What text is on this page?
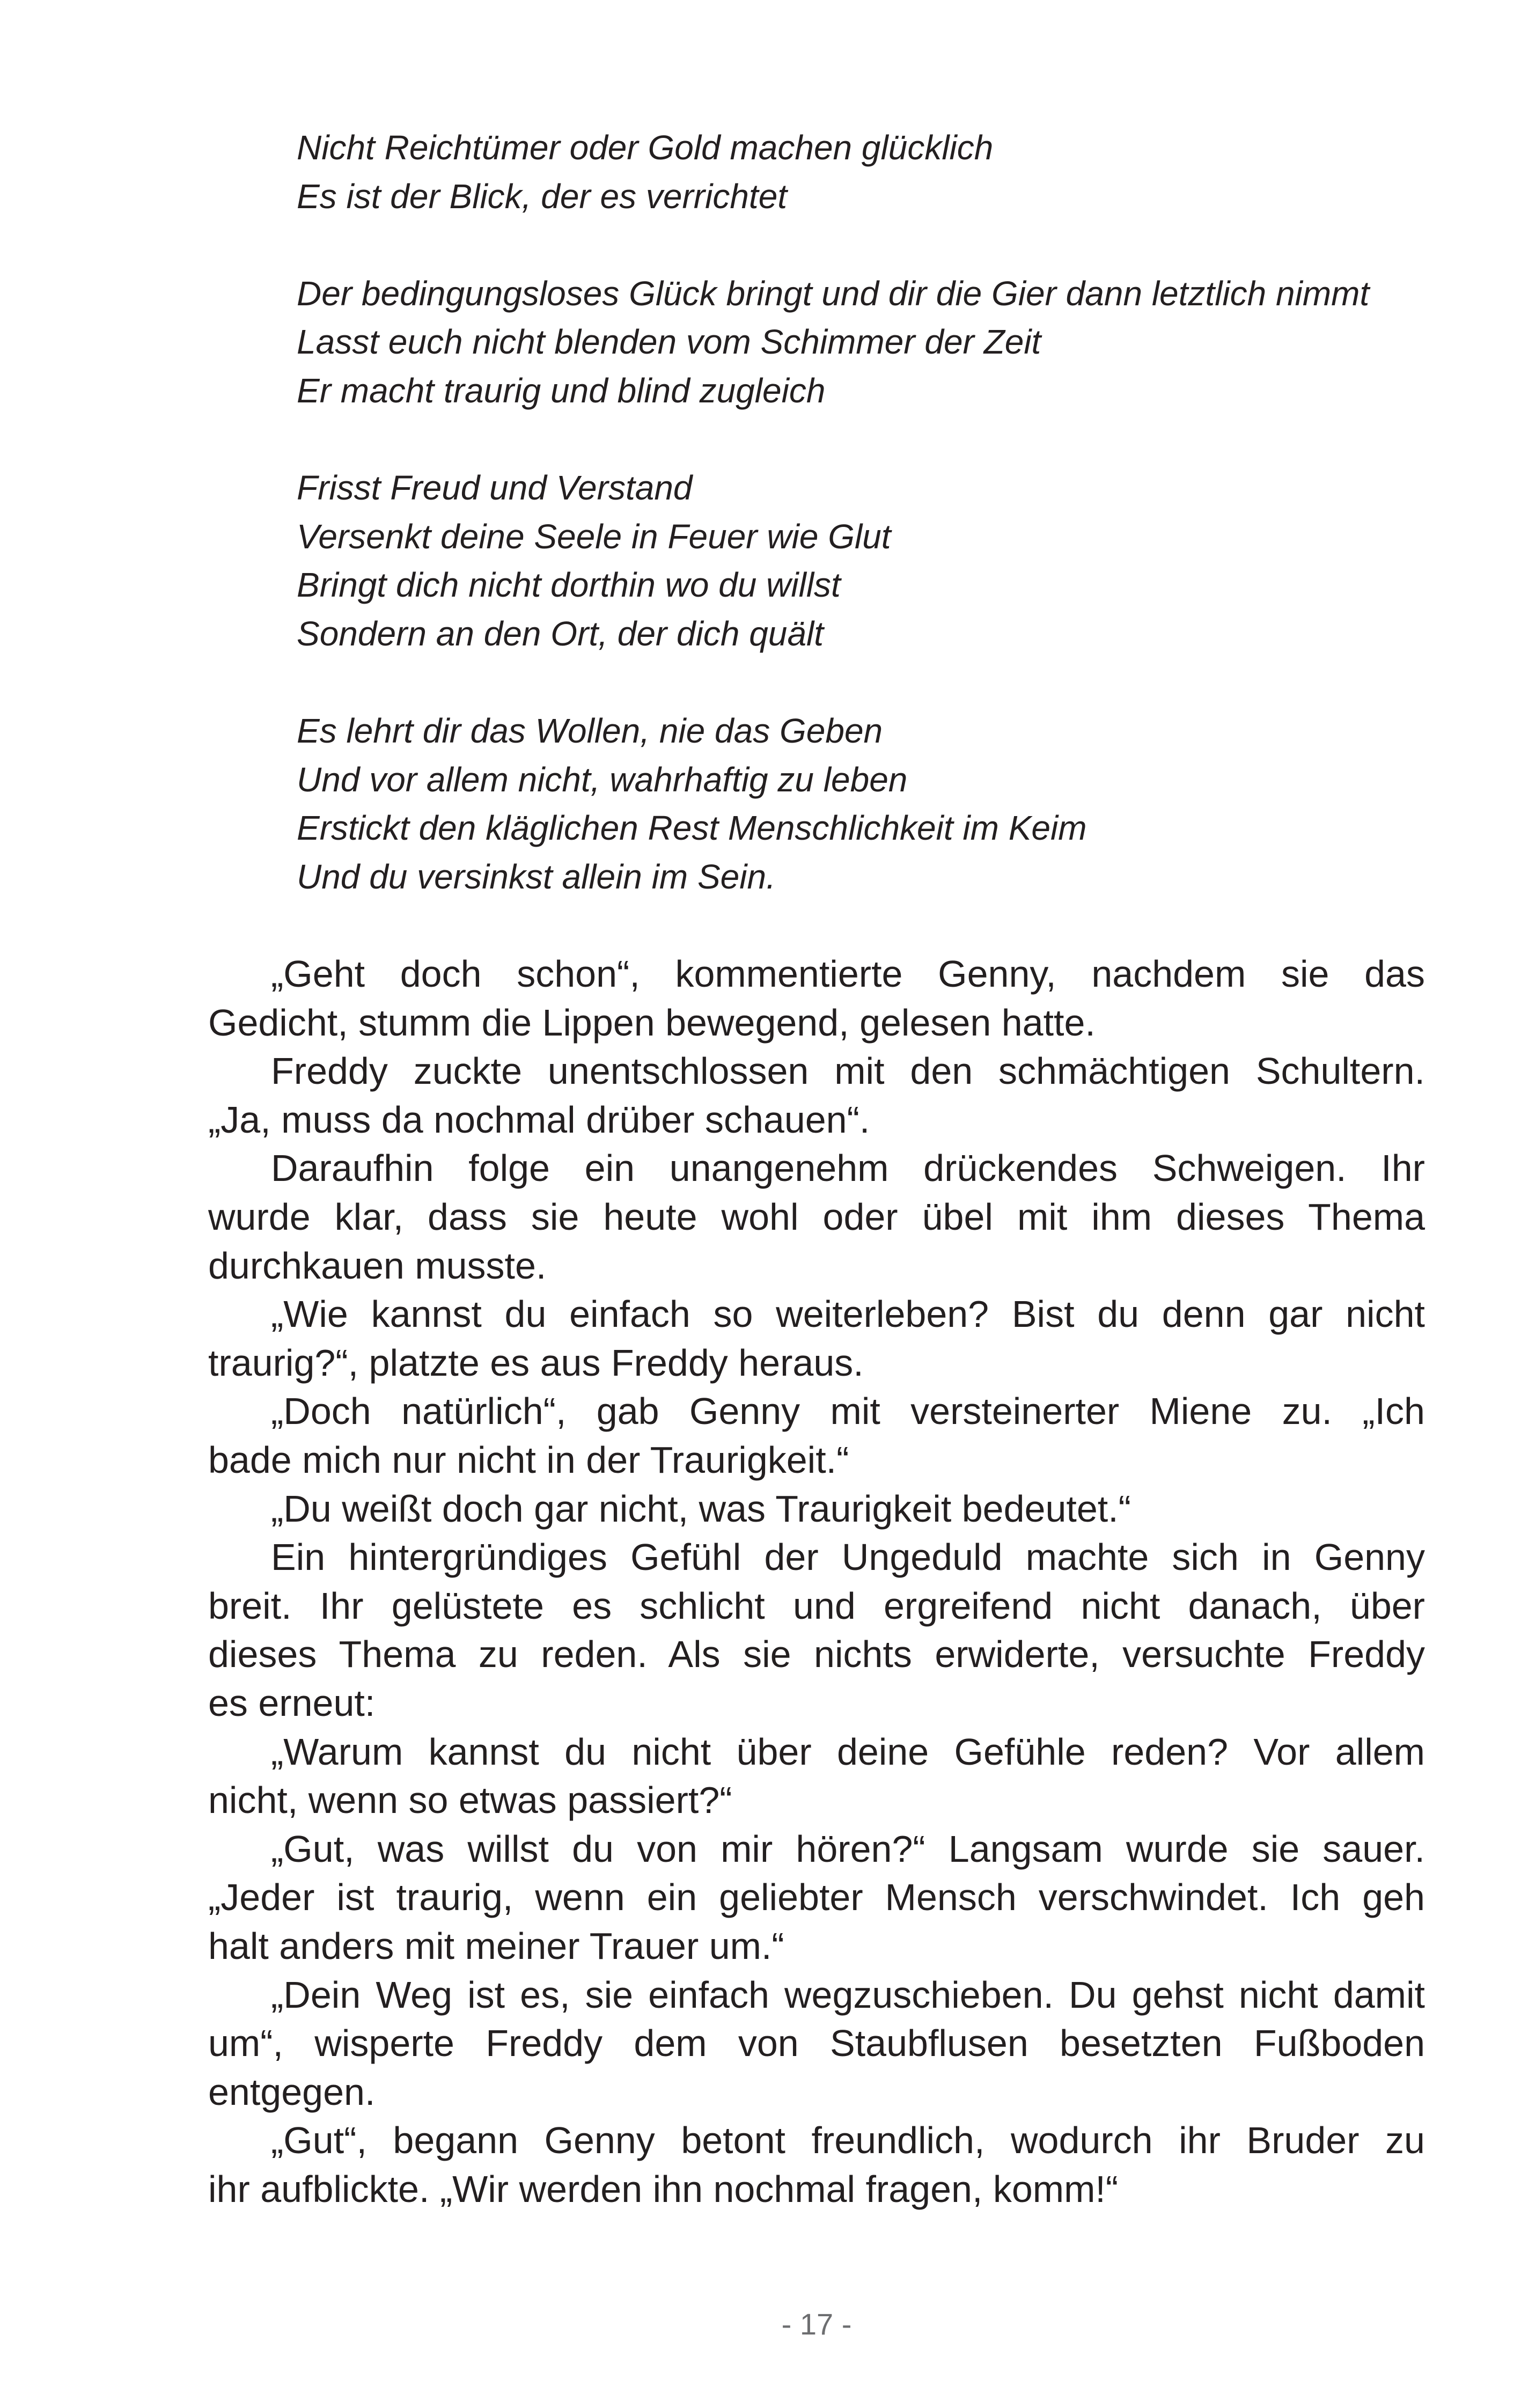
Nicht Reichtümer oder Gold machen glücklich
Es ist der Blick, der es verrichtet
Der bedingungsloses Glück bringt und dir die Gier dann letztlich nimmt
Lasst euch nicht blenden vom Schimmer der Zeit
Er macht traurig und blind zugleich
Frisst Freud und Verstand
Versenkt deine Seele in Feuer wie Glut
Bringt dich nicht dorthin wo du willst
Sondern an den Ort, der dich quält
Es lehrt dir das Wollen, nie das Geben
Und vor allem nicht, wahrhaftig zu leben
Erstickt den kläglichen Rest Menschlichkeit im Keim
Und du versinkst allein im Sein.
„Geht doch schon“, kommentierte Genny, nachdem sie das
Gedicht, stumm die Lippen bewegend, gelesen hatte.
Freddy zuckte unentschlossen mit den schmächtigen Schultern.
„Ja, muss da nochmal drüber schauen“.
Daraufhin folge ein unangenehm drückendes Schweigen. Ihr
wurde klar, dass sie heute wohl oder übel mit ihm dieses Thema
durchkauen musste.
„Wie kannst du einfach so weiterleben? Bist du denn gar nicht
traurig?“, platzte es aus Freddy heraus.
„Doch natürlich“, gab Genny mit versteinerter Miene zu. „Ich
bade mich nur nicht in der Traurigkeit.“
„Du weißt doch gar nicht, was Traurigkeit bedeutet.“
Ein hintergründiges Gefühl der Ungeduld machte sich in Genny
breit. Ihr gelüstete es schlicht und ergreifend nicht danach, über
dieses Thema zu reden. Als sie nichts erwiderte, versuchte Freddy
es erneut:
„Warum kannst du nicht über deine Gefühle reden? Vor allem
nicht, wenn so etwas passiert?“
„Gut, was willst du von mir hören?“ Langsam wurde sie sauer.
„Jeder ist traurig, wenn ein geliebter Mensch verschwindet. Ich geh
halt anders mit meiner Trauer um.“
„Dein Weg ist es, sie einfach wegzuschieben. Du gehst nicht damit
um“, wisperte Freddy dem von Staubflusen besetzten Fußboden
entgegen.
„Gut“, begann Genny betont freundlich, wodurch ihr Bruder zu
ihr aufblickte. „Wir werden ihn nochmal fragen, komm!“
- 17 -
